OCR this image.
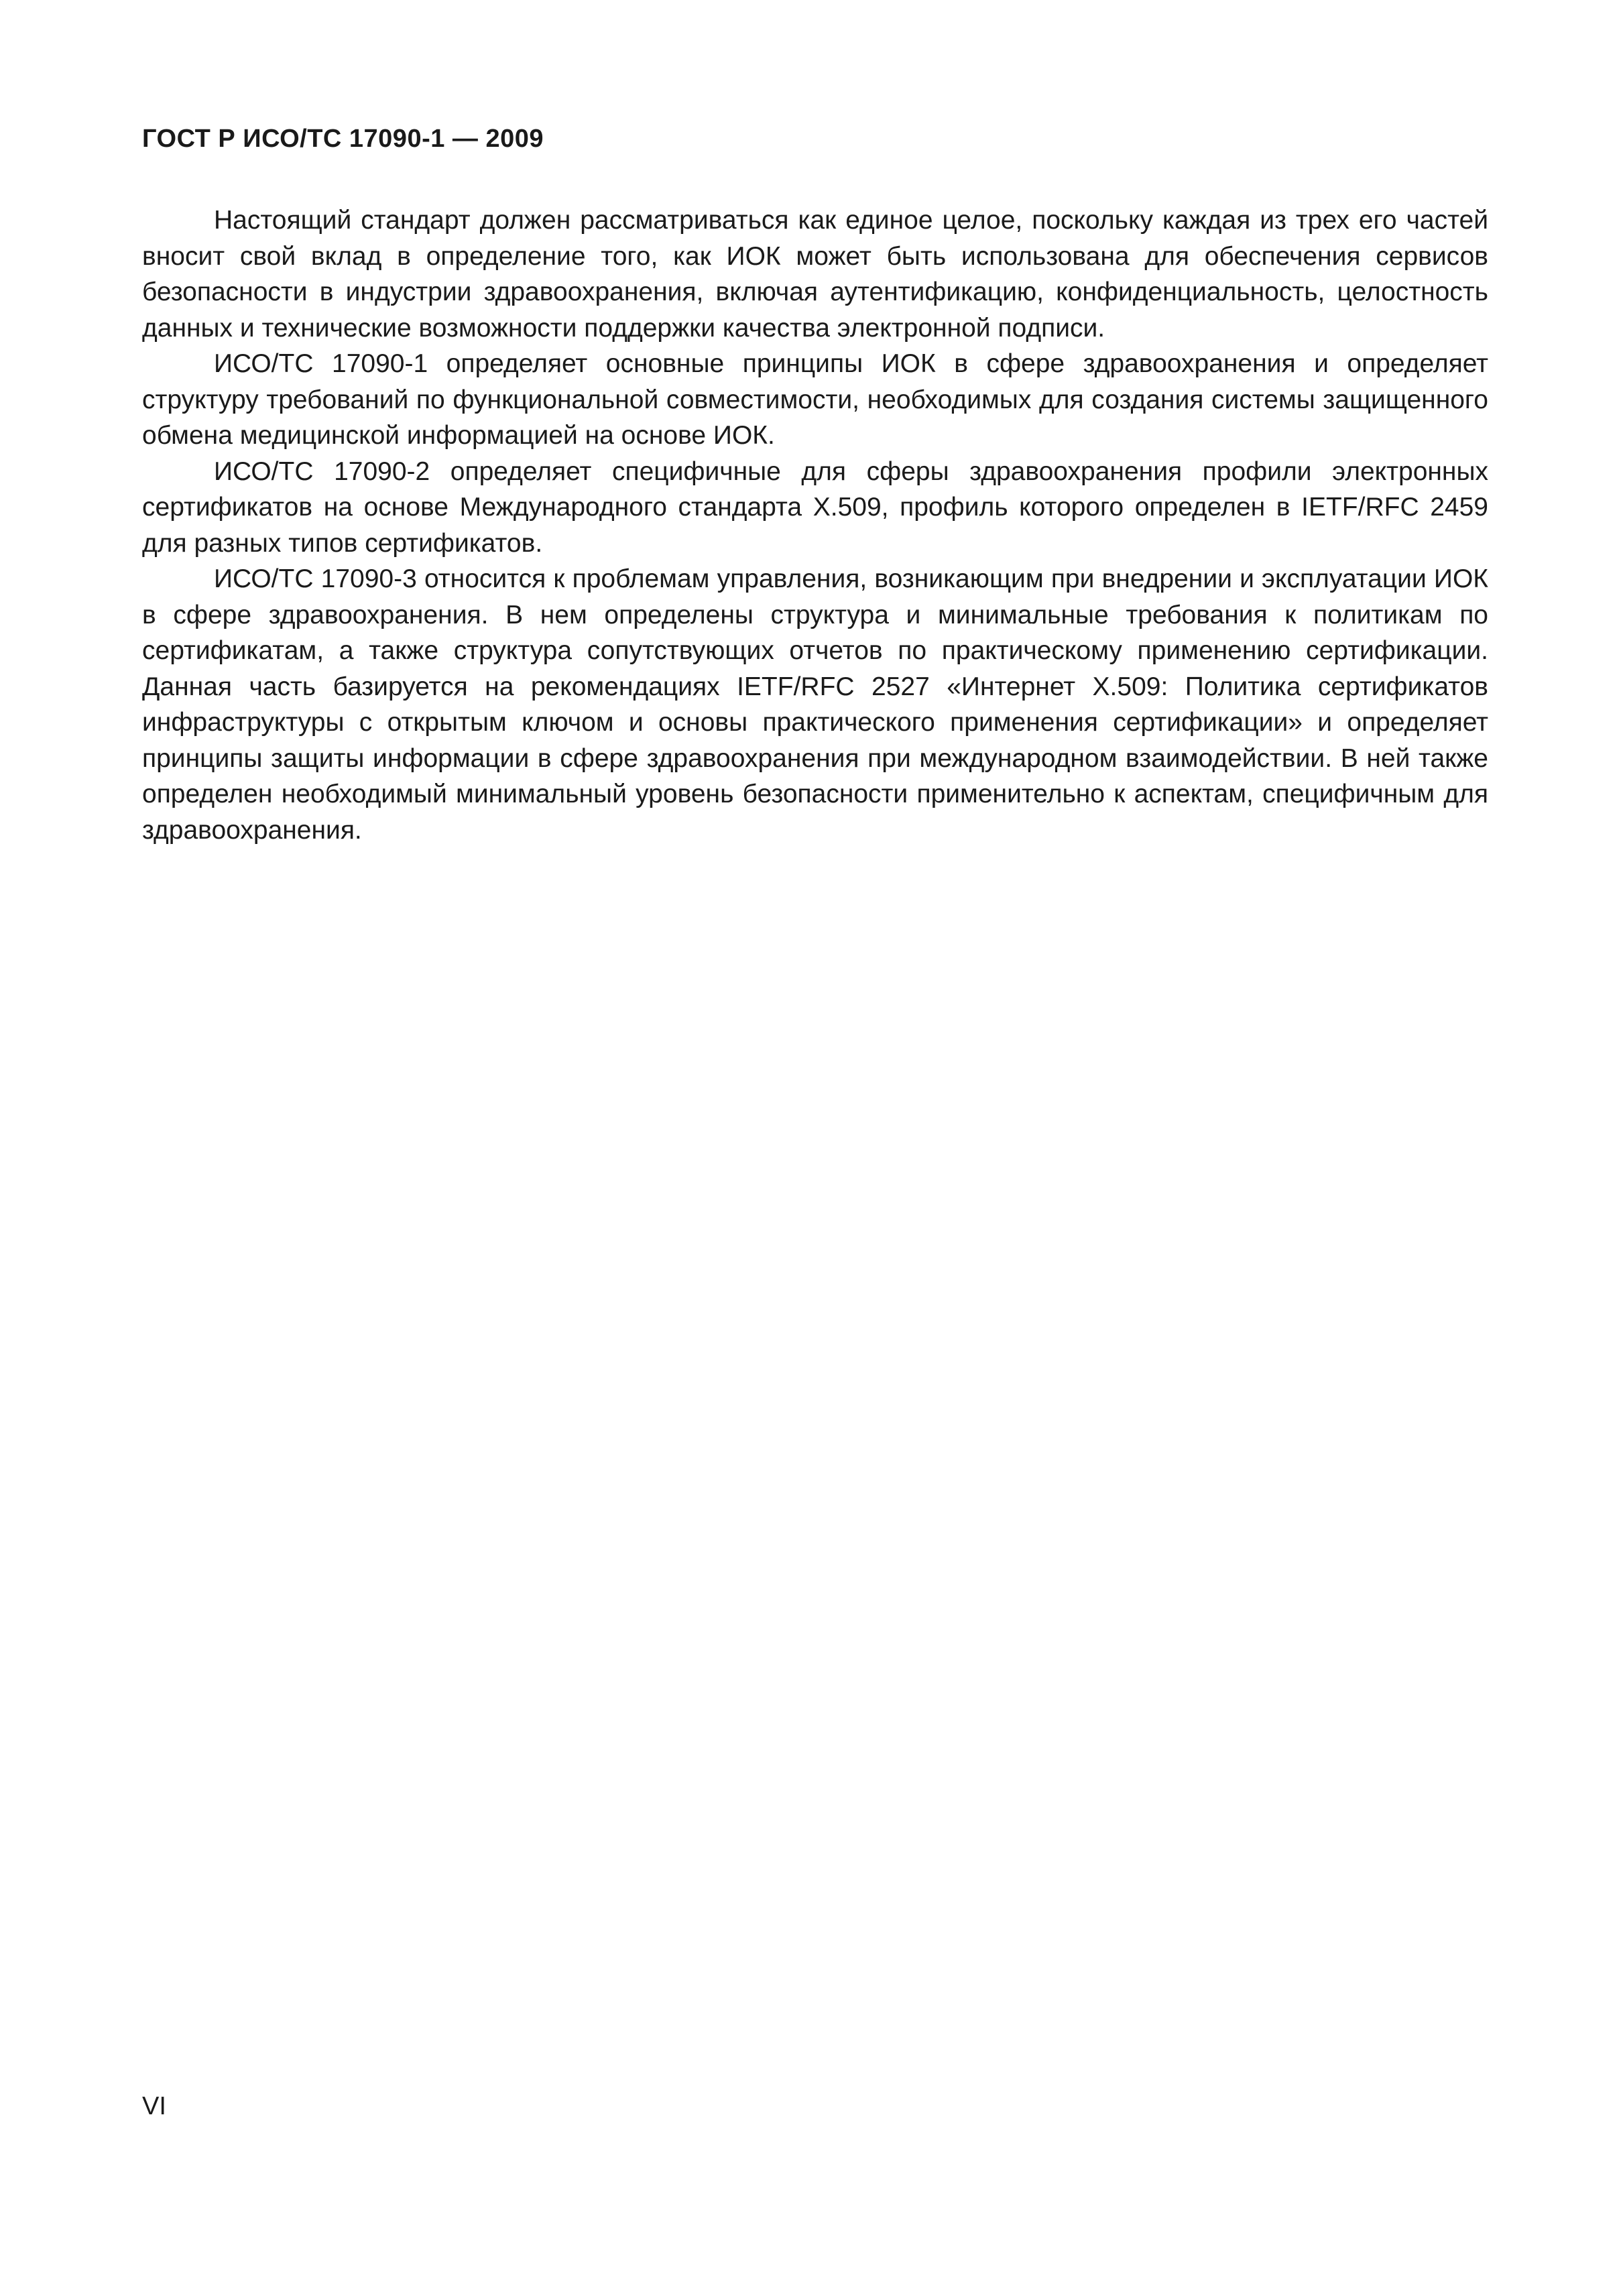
ГОСТ Р ИСО/ТС 17090-1 — 2009

Настоящий стандарт должен рассматриваться как единое целое, поскольку каждая из трех его частей вносит свой вклад в определение того, как ИОК может быть использована для обеспечения сервисов безопасности в индустрии здравоохранения, включая аутентификацию, конфиденциальность, целостность данных и технические возможности поддержки качества электронной подписи.

ИСО/ТС 17090-1 определяет основные принципы ИОК в сфере здравоохранения и определяет структуру требований по функциональной совместимости, необходимых для создания системы защищенного обмена медицинской информацией на основе ИОК.

ИСО/ТС 17090-2 определяет специфичные для сферы здравоохранения профили электронных сертификатов на основе Международного стандарта X.509, профиль которого определен в IETF/RFC 2459 для разных типов сертификатов.

ИСО/ТС 17090-3 относится к проблемам управления, возникающим при внедрении и эксплуатации ИОК в сфере здравоохранения. В нем определены структура и минимальные требования к политикам по сертификатам, а также структура сопутствующих отчетов по практическому применению сертификации. Данная часть базируется на рекомендациях IETF/RFC 2527 «Интернет X.509: Политика сертификатов инфраструктуры с открытым ключом и основы практического применения сертификации» и определяет принципы защиты информации в сфере здравоохранения при международном взаимодействии. В ней также определен необходимый минимальный уровень безопасности применительно к аспектам, специфичным для здравоохранения.

VI
